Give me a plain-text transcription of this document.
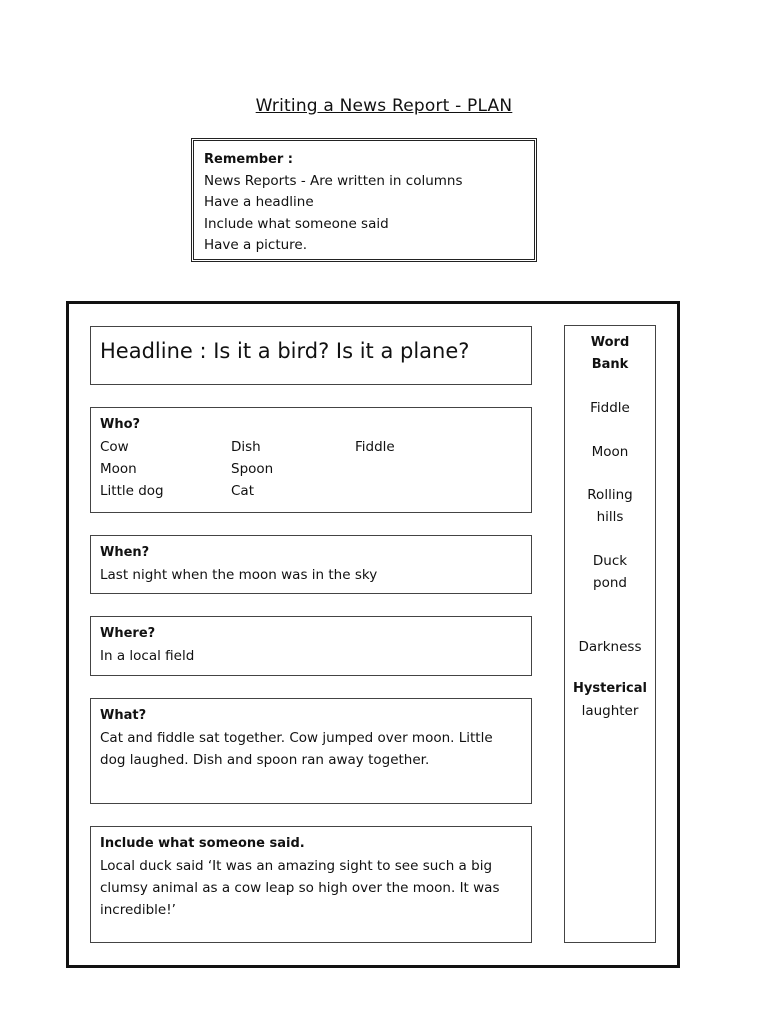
Writing a News Report - PLAN
Remember :
News Reports - Are written in columns
Have a headline
Include what someone said
Have a picture.
Headline : Is it a bird? Is it a plane?
Who?
Cow	Dish	Fiddle
Moon	Spoon
Little dog	Cat
When?
Last night when the moon was in the sky
Where?
In a local field
What?
Cat and fiddle sat together. Cow jumped over moon. Little
dog laughed. Dish and spoon ran away together.
Include what someone said.
Local duck said ‘It was an amazing sight to see such a big
clumsy animal as a cow leap so high over the moon. It was
incredible!’
Word
Bank
Fiddle
Moon
Rolling
hills
Duck
pond
Darkness
Hysterical
laughter
